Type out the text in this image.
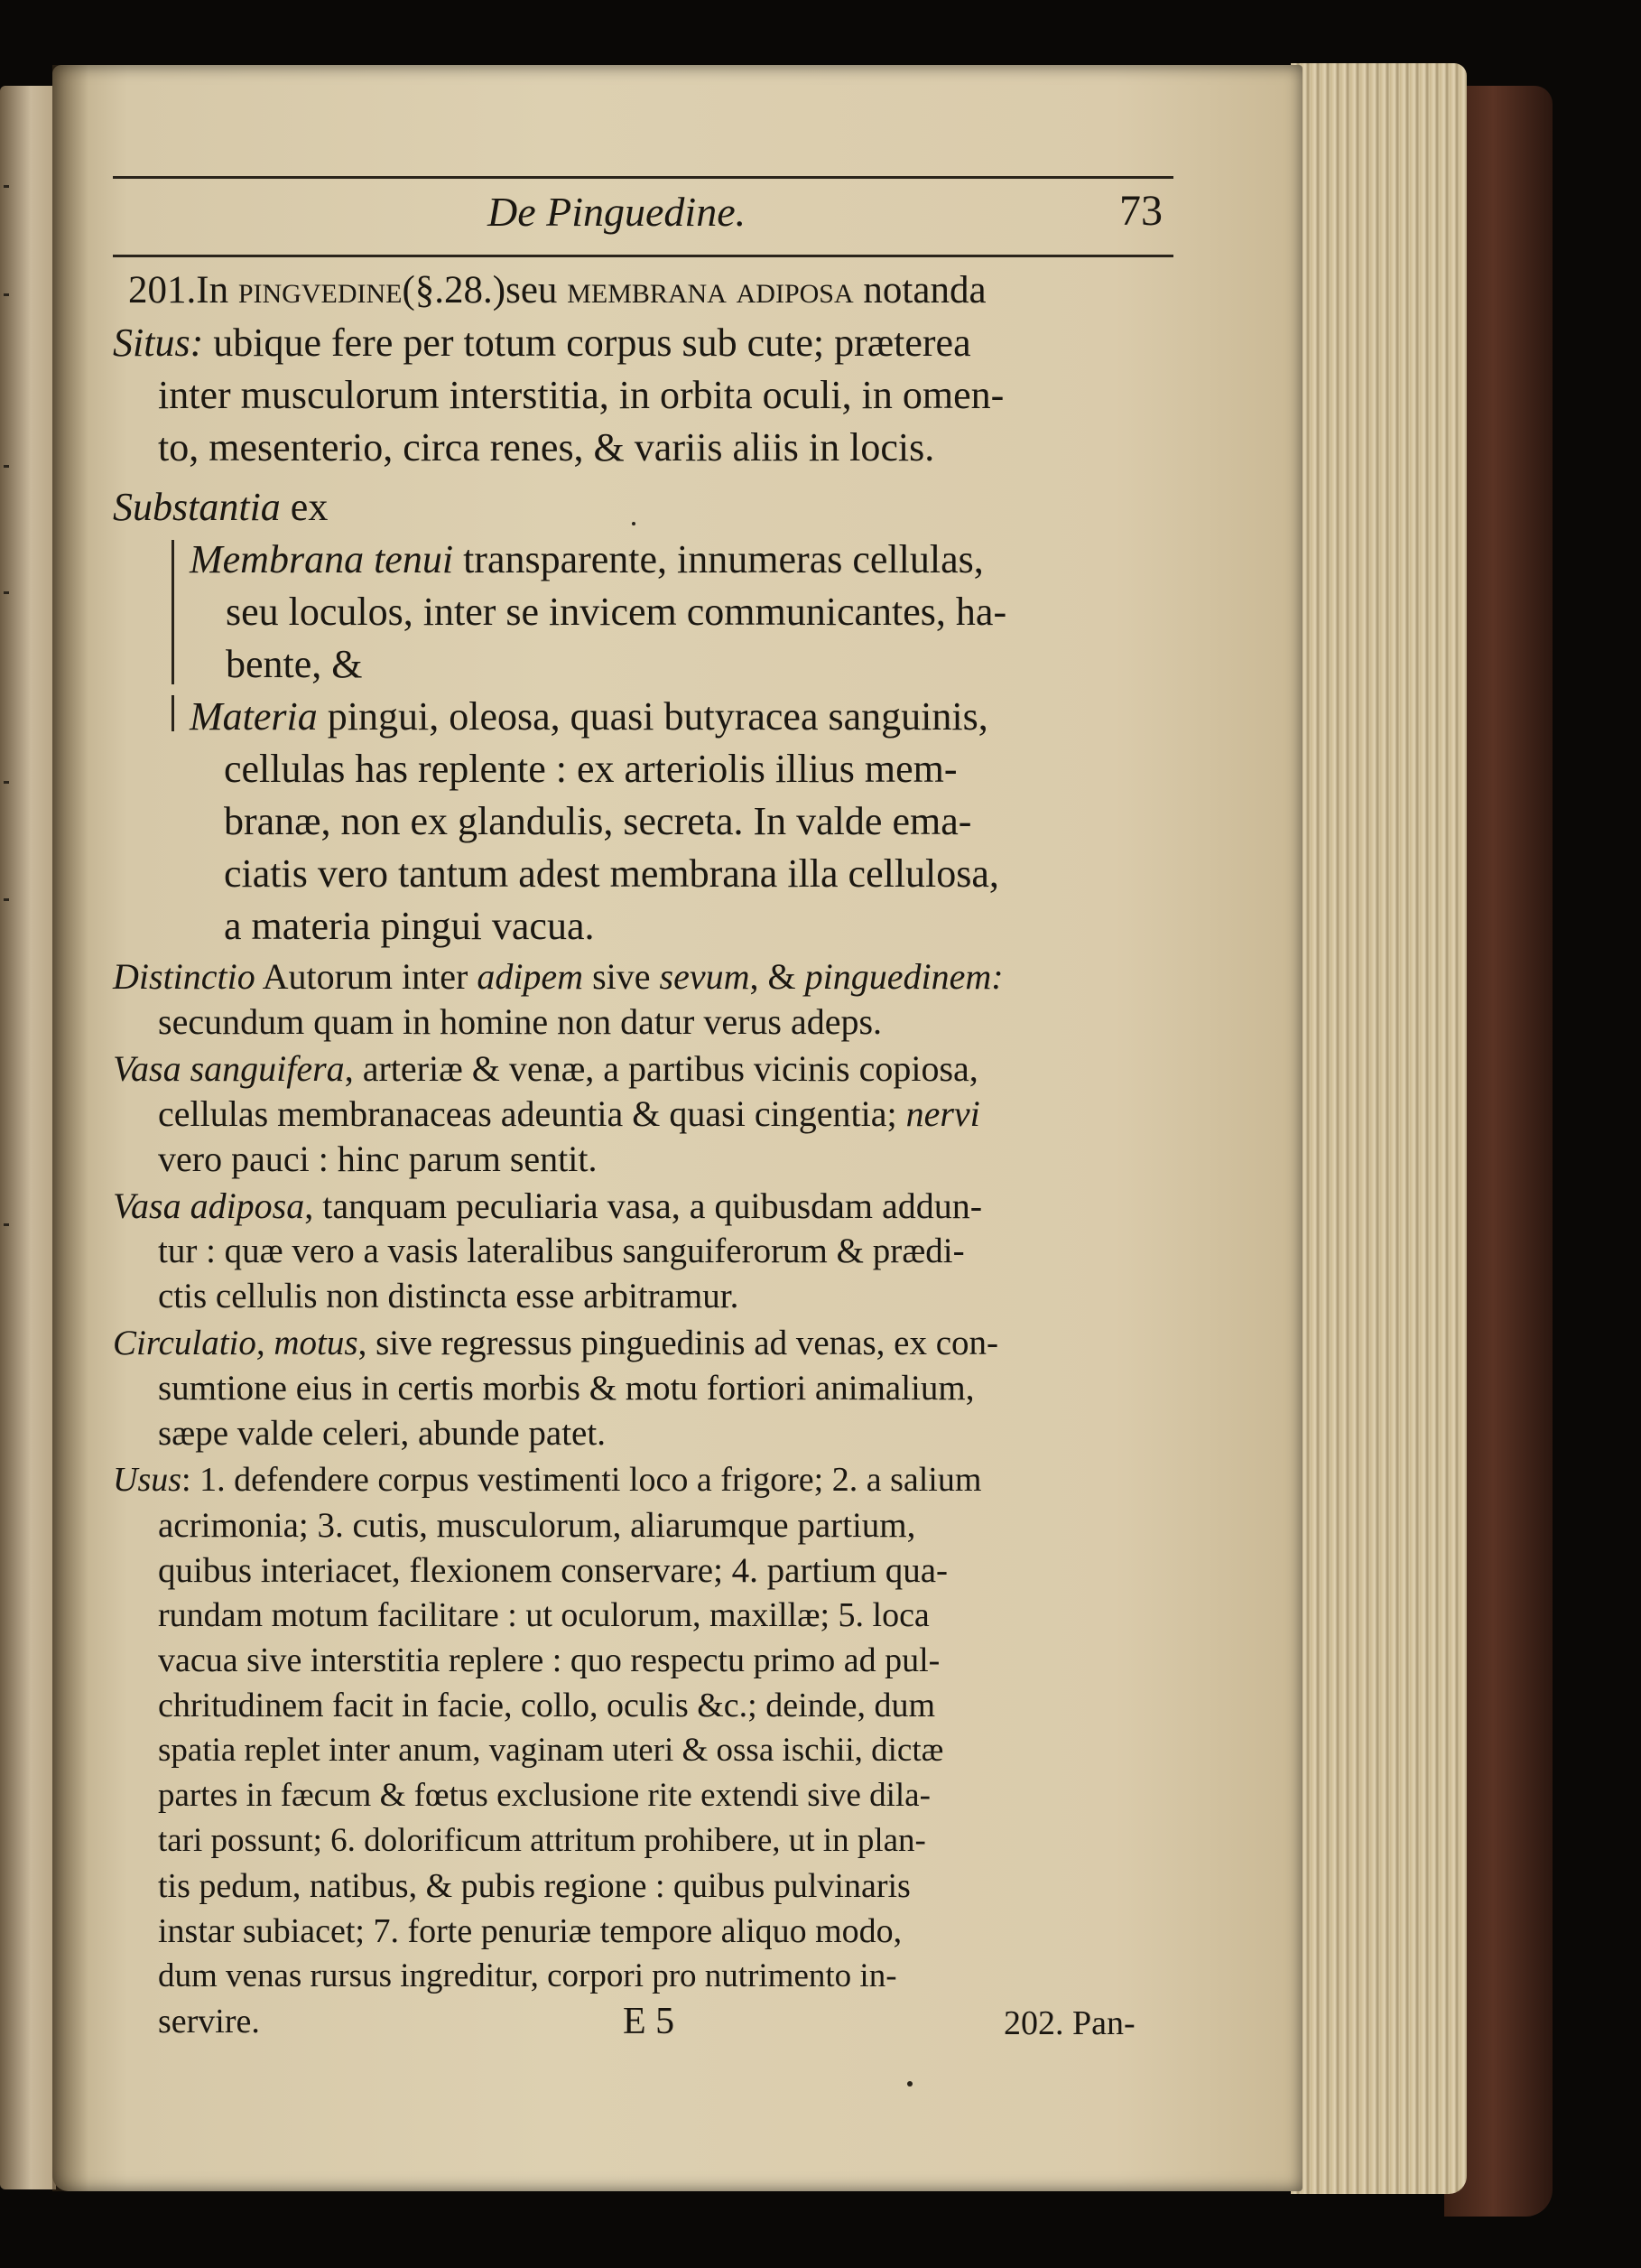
De Pinguedine.	73
201.In pingvedine(§.28.)seu membrana adiposa notanda
Situs: ubique fere per totum corpus sub cute; præterea
inter musculorum interstitia, in orbita oculi, in omen-
to, mesenterio, circa renes, & variis aliis in locis.
Substantia ex
Membrana tenui transparente, innumeras cellulas,
seu loculos, inter se invicem communicantes, ha-
bente, &
Materia pingui, oleosa, quasi butyracea sanguinis,
cellulas has replente : ex arteriolis illius mem-
branæ, non ex glandulis, secreta. In valde ema-
ciatis vero tantum adest membrana illa cellulosa,
a materia pingui vacua.
Distinctio Autorum inter adipem sive sevum, & pinguedinem:
secundum quam in homine non datur verus adeps.
Vasa sanguifera, arteriæ & venæ, a partibus vicinis copiosa,
cellulas membranaceas adeuntia & quasi cingentia; nervi
vero pauci : hinc parum sentit.
Vasa adiposa, tanquam peculiaria vasa, a quibusdam addun-
tur : quæ vero a vasis lateralibus sanguiferorum & prædi-
ctis cellulis non distincta esse arbitramur.
Circulatio, motus, sive regressus pinguedinis ad venas, ex con-
sumtione eius in certis morbis & motu fortiori animalium,
sæpe valde celeri, abunde patet.
Usus: 1. defendere corpus vestimenti loco a frigore; 2. a salium
acrimonia; 3. cutis, musculorum, aliarumque partium,
quibus interiacet, flexionem conservare; 4. partium qua-
rundam motum facilitare : ut oculorum, maxillæ; 5. loca
vacua sive interstitia replere : quo respectu primo ad pul-
chritudinem facit in facie, collo, oculis &c.; deinde, dum
spatia replet inter anum, vaginam uteri & ossa ischii, dictæ
partes in fæcum & fœtus exclusione rite extendi sive dila-
tari possunt; 6. dolorificum attritum prohibere, ut in plan-
tis pedum, natibus, & pubis regione : quibus pulvinaris
instar subiacet; 7. forte penuriæ tempore aliquo modo,
dum venas rursus ingreditur, corpori pro nutrimento in-
servire.	E 5	202. Pan-
